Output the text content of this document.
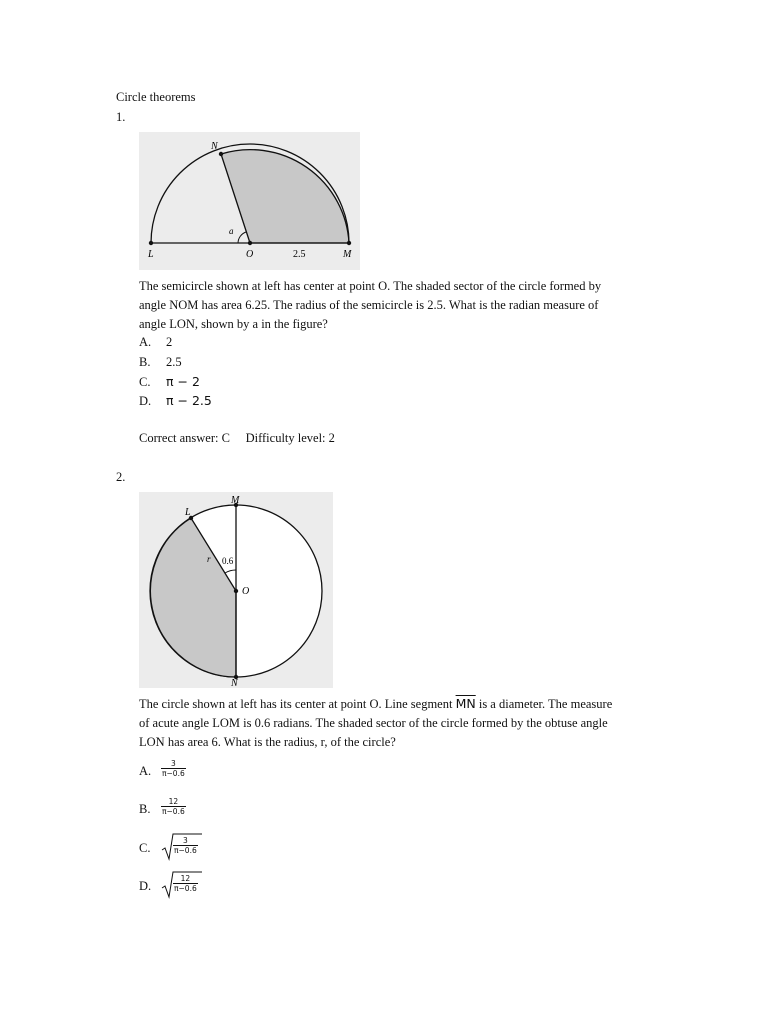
Circle theorems
1.
N
a
L	O	2.5	M
The semicircle shown at left has center at point O. The shaded sector of the circle formed by
angle NOM has area 6.25. The radius of the semicircle is 2.5. What is the radian measure of
angle LON, shown by a in the figure?
A. 2
B. 2.5
C. π − 2
D. π − 2.5
Correct answer: C     Difficulty level: 2
2.
M
L
r 0.6
O
N
The circle shown at left has its center at point O. Line segment $\overline{MN}$ is a diameter. The measure
of acute angle LOM is 0.6 radians. The shaded sector of the circle formed by the obtuse angle
LON has area 6. What is the radius, r, of the circle?
A. $\frac{3}{\pi-0.6}$
B. $\frac{12}{\pi-0.6}$
C.	$\frac{3}{\pi-0.6}$
D.	$\frac{12}{\pi-0.6}$
